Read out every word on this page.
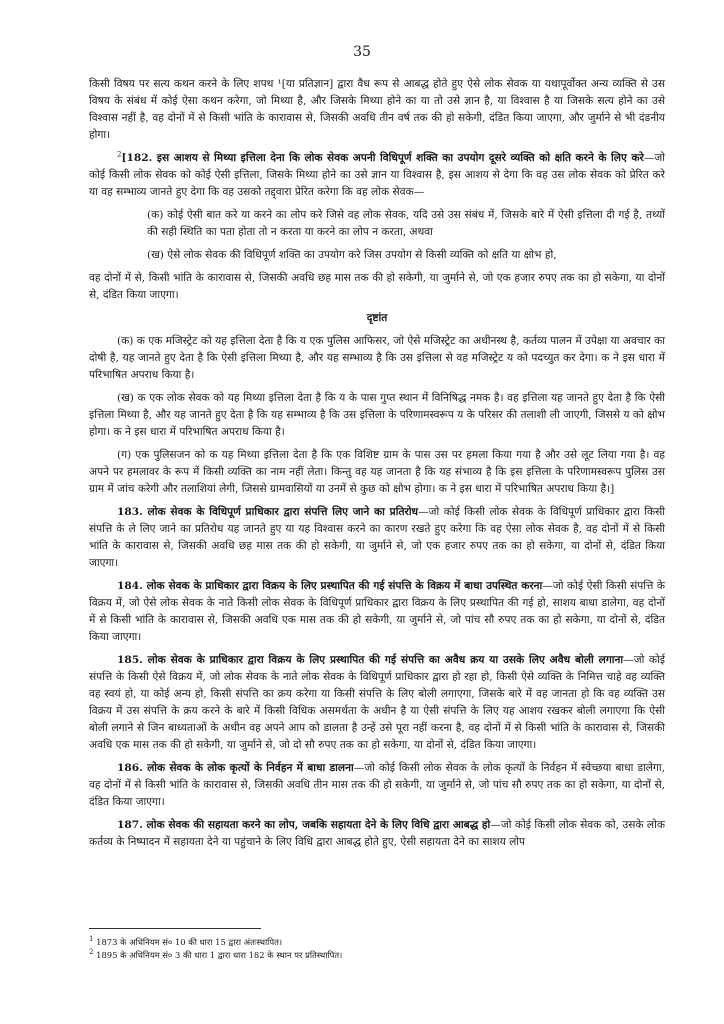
35

किसी विषय पर सत्य कथन करने के लिए शपथ ¹[या प्रतिज्ञान] द्वारा वैध रूप से आबद्ध होते हुए ऐसे लोक सेवक या यथापूर्वोक्त अन्य व्यक्ति से उस विषय के संबंध में कोई ऐसा कथन करेगा, जो मिथ्या है, और जिसके मिथ्या होने का या तो उसे ज्ञान है, या विश्वास है या जिसके सत्य होने का उसे विश्वास नहीं है, वह दोनों में से किसी भांति के कारावास से, जिसकी अवधि तीन वर्ष तक की हो सकेगी, दंडित किया जाएगा, और जुर्माने से भी दंडनीय होगा।

$^2$[182. इस आशय से मिथ्या इत्तिला देना कि लोक सेवक अपनी विधिपूर्ण शक्ति का उपयोग दूसरे व्यक्ति को क्षति करने के लिए करे—जो कोई किसी लोक सेवक को कोई ऐसी इत्तिला, जिसके मिथ्या होने का उसे ज्ञान या विश्वास है, इस आशय से देगा कि वह उस लोक सेवक को प्रेरित करे या वह सम्भाव्य जानते हुए देगा कि वह उसको तद्द्वारा प्रेरित करेगा कि वह लोक सेवक—

(क) कोई ऐसी बात करे या करने का लोप करे जिसे वह लोक सेवक, यदि उसे उस संबंध में, जिसके बारे में ऐसी इत्तिला दी गई है, तथ्यों की सही स्थिति का पता होता तो न करता या करने का लोप न करता, अथवा

(ख) ऐसे लोक सेवक की विधिपूर्ण शक्ति का उपयोग करे जिस उपयोग से किसी व्यक्ति को क्षति या क्षोभ हो,

वह दोनों में से, किसी भांति के कारावास से, जिसकी अवधि छह मास तक की हो सकेगी, या जुर्माने से, जो एक हजार रुपए तक का हो सकेगा, या दोनों से, दंडित किया जाएगा।

दृष्टांत

(क) क एक मजिस्ट्रेट को यह इत्तिला देता है कि य एक पुलिस आफिसर, जो ऐसे मजिस्ट्रेट का अधीनस्थ है, कर्तव्य पालन में उपेक्षा या अवचार का दोषी है, यह जानते हुए देता है कि ऐसी इत्तिला मिथ्या है, और यह सम्भाव्य है कि उस इत्तिला से वह मजिस्ट्रेट य को पदच्युत कर देगा। क ने इस धारा में परिभाषित अपराध किया है।

(ख) क एक लोक सेवक को यह मिथ्या इत्तिला देता है कि य के पास गुप्त स्थान में विनिषिद्ध नमक है। वह इत्तिला यह जानते हुए देता है कि ऐसी इत्तिला मिथ्या है, और यह जानते हुए देता है कि यह सम्भाव्य है कि उस इत्तिला के परिणामस्वरूप य के परिसर की तलाशी ली जाएगी, जिससे य को क्षोभ होगा। क ने इस धारा में परिभाषित अपराध किया है।

(ग) एक पुलिसजन को क यह मिथ्या इत्तिला देता है कि एक विशिष्ट ग्राम के पास उस पर हमला किया गया है और उसे लूट लिया गया है। वह अपने पर हमलावर के रूप में किसी व्यक्ति का नाम नहीं लेता। किन्तु वह यह जानता है कि यह संभाव्य है कि इस इत्तिला के परिणामस्वरूप पुलिस उस ग्राम में जांच करेगी और तलाशियां लेगी, जिससे ग्रामवासियों या उनमें से कुछ को क्षोभ होगा। क ने इस धारा में परिभाषित अपराध किया है।]

183. लोक सेवक के विधिपूर्ण प्राधिकार द्वारा संपत्ति लिए जाने का प्रतिरोध—जो कोई किसी लोक सेवक के विधिपूर्ण प्राधिकार द्वारा किसी संपत्ति के ले लिए जाने का प्रतिरोध यह जानते हुए या यह विश्वास करने का कारण रखते हुए करेगा कि वह ऐसा लोक सेवक है, वह दोनों में से किसी भांति के कारावास से, जिसकी अवधि छह मास तक की हो सकेगी, या जुर्माने से, जो एक हजार रुपए तक का हो सकेगा, या दोनों से, दंडित किया जाएगा।

184. लोक सेवक के प्राधिकार द्वारा विक्रय के लिए प्रस्थापित की गई संपत्ति के विक्रय में बाधा उपस्थित करना—जो कोई ऐसी किसी संपत्ति के विक्रय में, जो ऐसे लोक सेवक के नाते किसी लोक सेवक के विधिपूर्ण प्राधिकार द्वारा विक्रय के लिए प्रस्थापित की गई हो, साशय बाधा डालेगा, वह दोनों में से किसी भांति के कारावास से, जिसकी अवधि एक मास तक की हो सकेगी, या जुर्माने से, जो पांच सौ रुपए तक का हो सकेगा, या दोनों से, दंडित किया जाएगा।

185. लोक सेवक के प्राधिकार द्वारा विक्रय के लिए प्रस्थापित की गई संपत्ति का अवैध क्रय या उसके लिए अवैध बोली लगाना—जो कोई संपत्ति के किसी ऐसे विक्रय में, जो लोक सेवक के नाते लोक सेवक के विधिपूर्ण प्राधिकार द्वारा हो रहा हो, किसी ऐसे व्यक्ति के निमित्त चाहे वह व्यक्ति वह स्वयं हो, या कोई अन्य हो, किसी संपत्ति का क्रय करेगा या किसी संपत्ति के लिए बोली लगाएगा, जिसके बारे में वह जानता हो कि वह व्यक्ति उस विक्रय में उस संपत्ति के क्रय करने के बारे में किसी विधिक असमर्थता के अधीन है या ऐसी संपत्ति के लिए यह आशय रखकर बोली लगाएगा कि ऐसी बोली लगाने से जिन बाध्यताओं के अधीन वह अपने आप को डालता है उन्हें उसे पूरा नहीं करना है, वह दोनों में से किसी भांति के कारावास से, जिसकी अवधि एक मास तक की हो सकेगी, या जुर्माने से, जो दो सौ रुपए तक का हो सकेगा, या दोनों से, दंडित किया जाएगा।

186. लोक सेवक के लोक कृत्यों के निर्वहन में बाधा डालना—जो कोई किसी लोक सेवक के लोक कृत्यों के निर्वहन में स्वेच्छया बाधा डालेगा, वह दोनों में से किसी भांति के कारावास से, जिसकी अवधि तीन मास तक की हो सकेगी, या जुर्माने से, जो पांच सौ रुपए तक का हो सकेगा, या दोनों से, दंडित किया जाएगा।

187. लोक सेवक की सहायता करने का लोप, जबकि सहायता देने के लिए विधि द्वारा आबद्ध हो—जो कोई किसी लोक सेवक को, उसके लोक कर्तव्य के निष्पादन में सहायता देने या पहुंचाने के लिए विधि द्वारा आबद्ध होते हुए, ऐसी सहायता देने का साशय लोप

$^1$ 1873 के अधिनियम सं० 10 की धारा 15 द्वारा अंतःस्थापित।
$^2$ 1895 के अधिनियम सं० 3 की धारा 1 द्वारा धारा 182 के स्थान पर प्रतिस्थापित।
